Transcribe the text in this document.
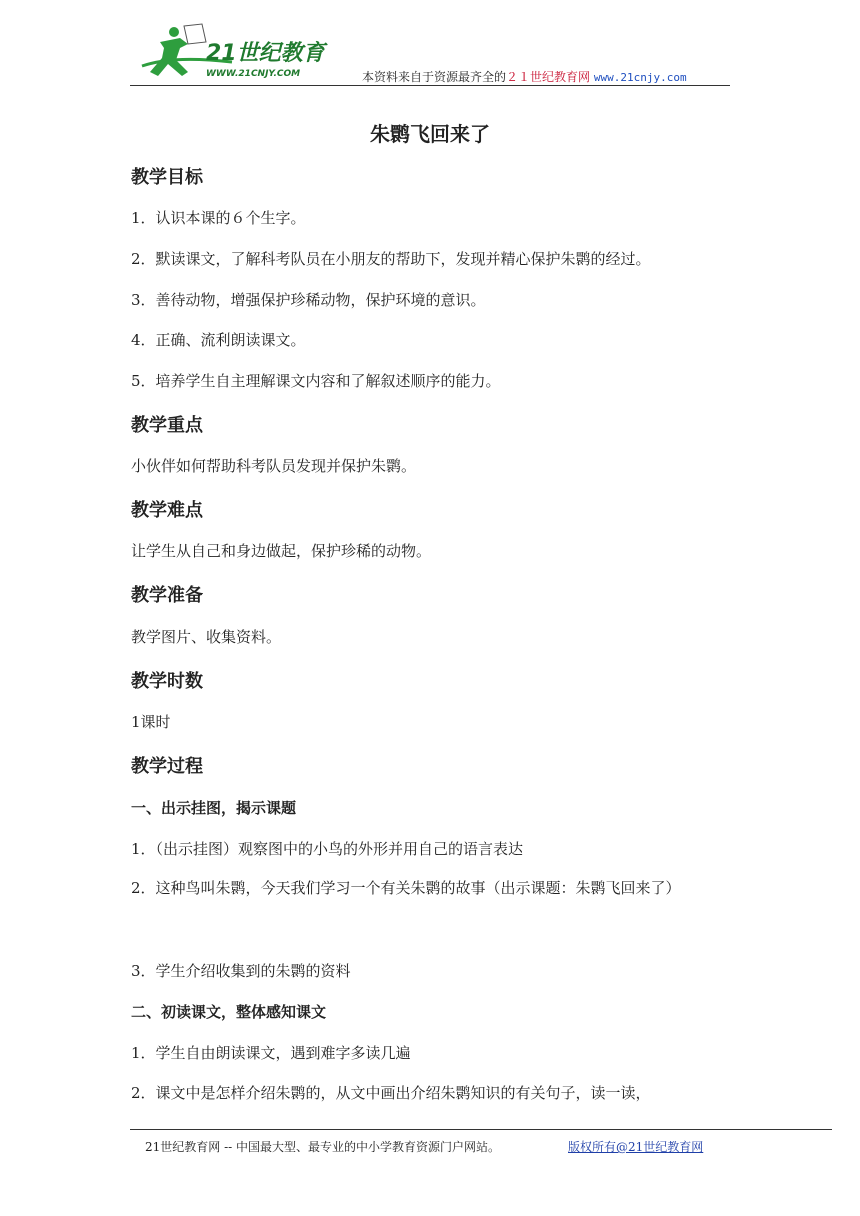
21世纪教育
WWW.21CNJY.COM	本资料来自于资源最齐全的２１世纪教育网 www.21cnjy.com
朱鹮飞回来了
教学目标
1．认识本课的６个生字。
2．默读课文，了解科考队员在小朋友的帮助下，发现并精心保护朱鹮的经过。
3．善待动物，增强保护珍稀动物，保护环境的意识。
4．正确、流利朗读课文。
5．培养学生自主理解课文内容和了解叙述顺序的能力。
教学重点
小伙伴如何帮助科考队员发现并保护朱鹮。
教学难点
让学生从自己和身边做起，保护珍稀的动物。
教学准备
教学图片、收集资料。
教学时数
1课时
教学过程
一、出示挂图，揭示课题
1．（出示挂图）观察图中的小鸟的外形并用自己的语言表达
2．这种鸟叫朱鹮，今天我们学习一个有关朱鹮的故事（出示课题：朱鹮飞回来了）
3．学生介绍收集到的朱鹮的资料
二、初读课文，整体感知课文
1．学生自由朗读课文，遇到难字多读几遍
2．课文中是怎样介绍朱鹮的，从文中画出介绍朱鹮知识的有关句子，读一读，
21世纪教育网 -- 中国最大型、最专业的中小学教育资源门户网站。	版权所有@21世纪教育网
